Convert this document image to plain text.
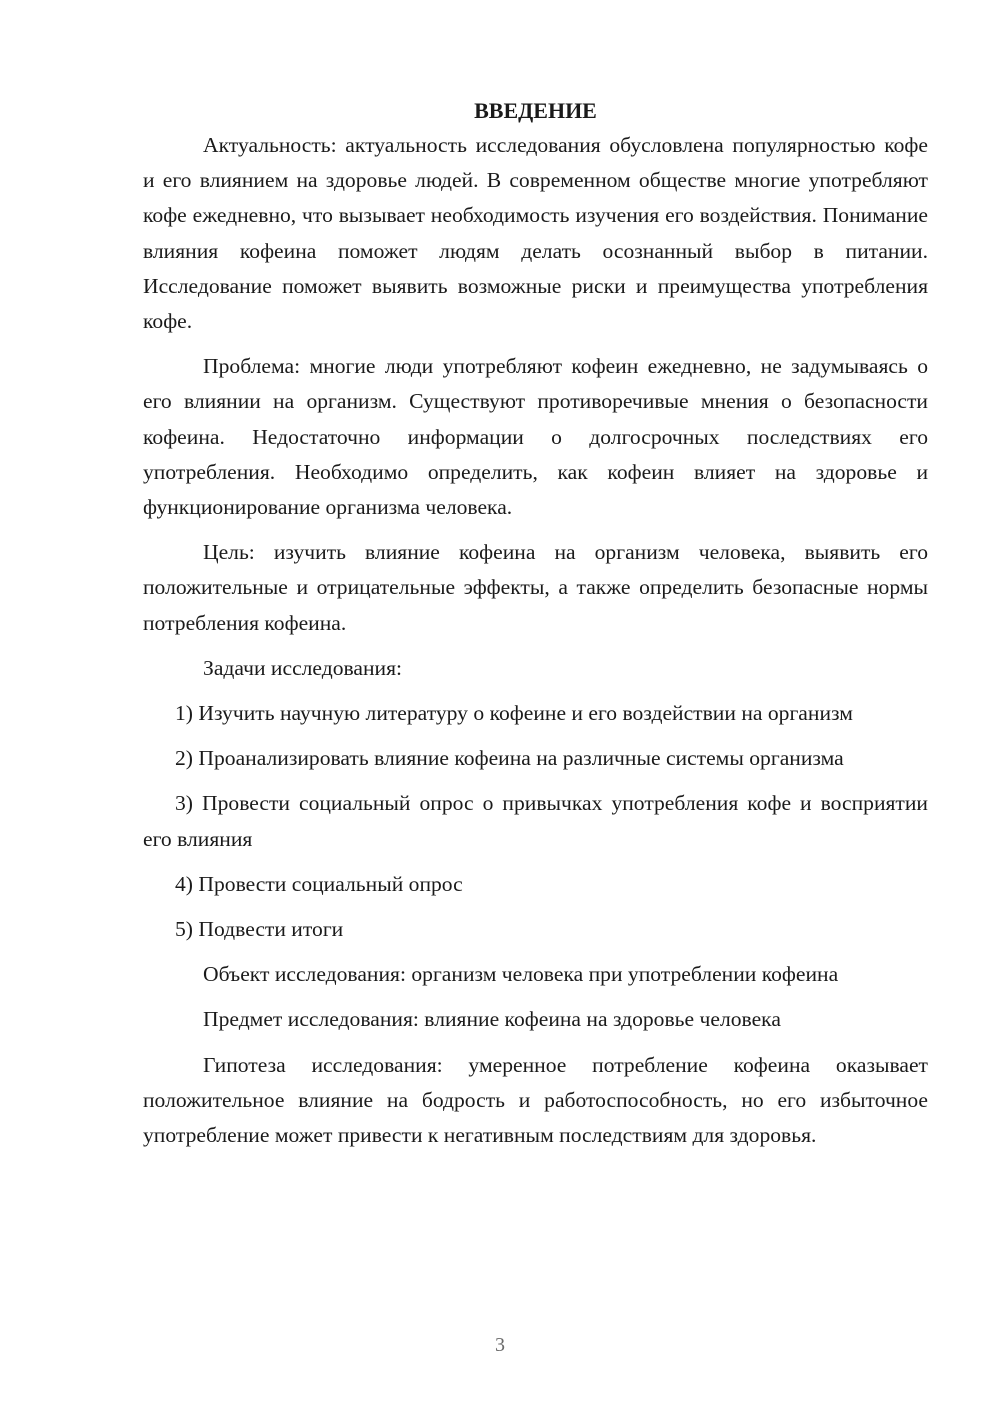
ВВЕДЕНИЕ

Актуальность: актуальность исследования обусловлена популярностью кофе и его влиянием на здоровье людей. В современном обществе многие употребляют кофе ежедневно, что вызывает необходимость изучения его воздействия. Понимание влияния кофеина поможет людям делать осознанный выбор в питании. Исследование поможет выявить возможные риски и преимущества употребления кофе.

Проблема: многие люди употребляют кофеин ежедневно, не задумываясь о его влиянии на организм. Существуют противоречивые мнения о безопасности кофеина. Недостаточно информации о долгосрочных последствиях его употребления. Необходимо определить, как кофеин влияет на здоровье и функционирование организма человека.

Цель: изучить влияние кофеина на организм человека, выявить его положительные и отрицательные эффекты, а также определить безопасные нормы потребления кофеина.

Задачи исследования:

1) Изучить научную литературу о кофеине и его воздействии на организм

2) Проанализировать влияние кофеина на различные системы организма

3) Провести социальный опрос о привычках употребления кофе и восприятии его влияния

4) Провести социальный опрос

5) Подвести итоги

Объект исследования: организм человека при употреблении кофеина

Предмет исследования: влияние кофеина на здоровье человека

Гипотеза исследования: умеренное потребление кофеина оказывает положительное влияние на бодрость и работоспособность, но его избыточное употребление может привести к негативным последствиям для здоровья.

3
